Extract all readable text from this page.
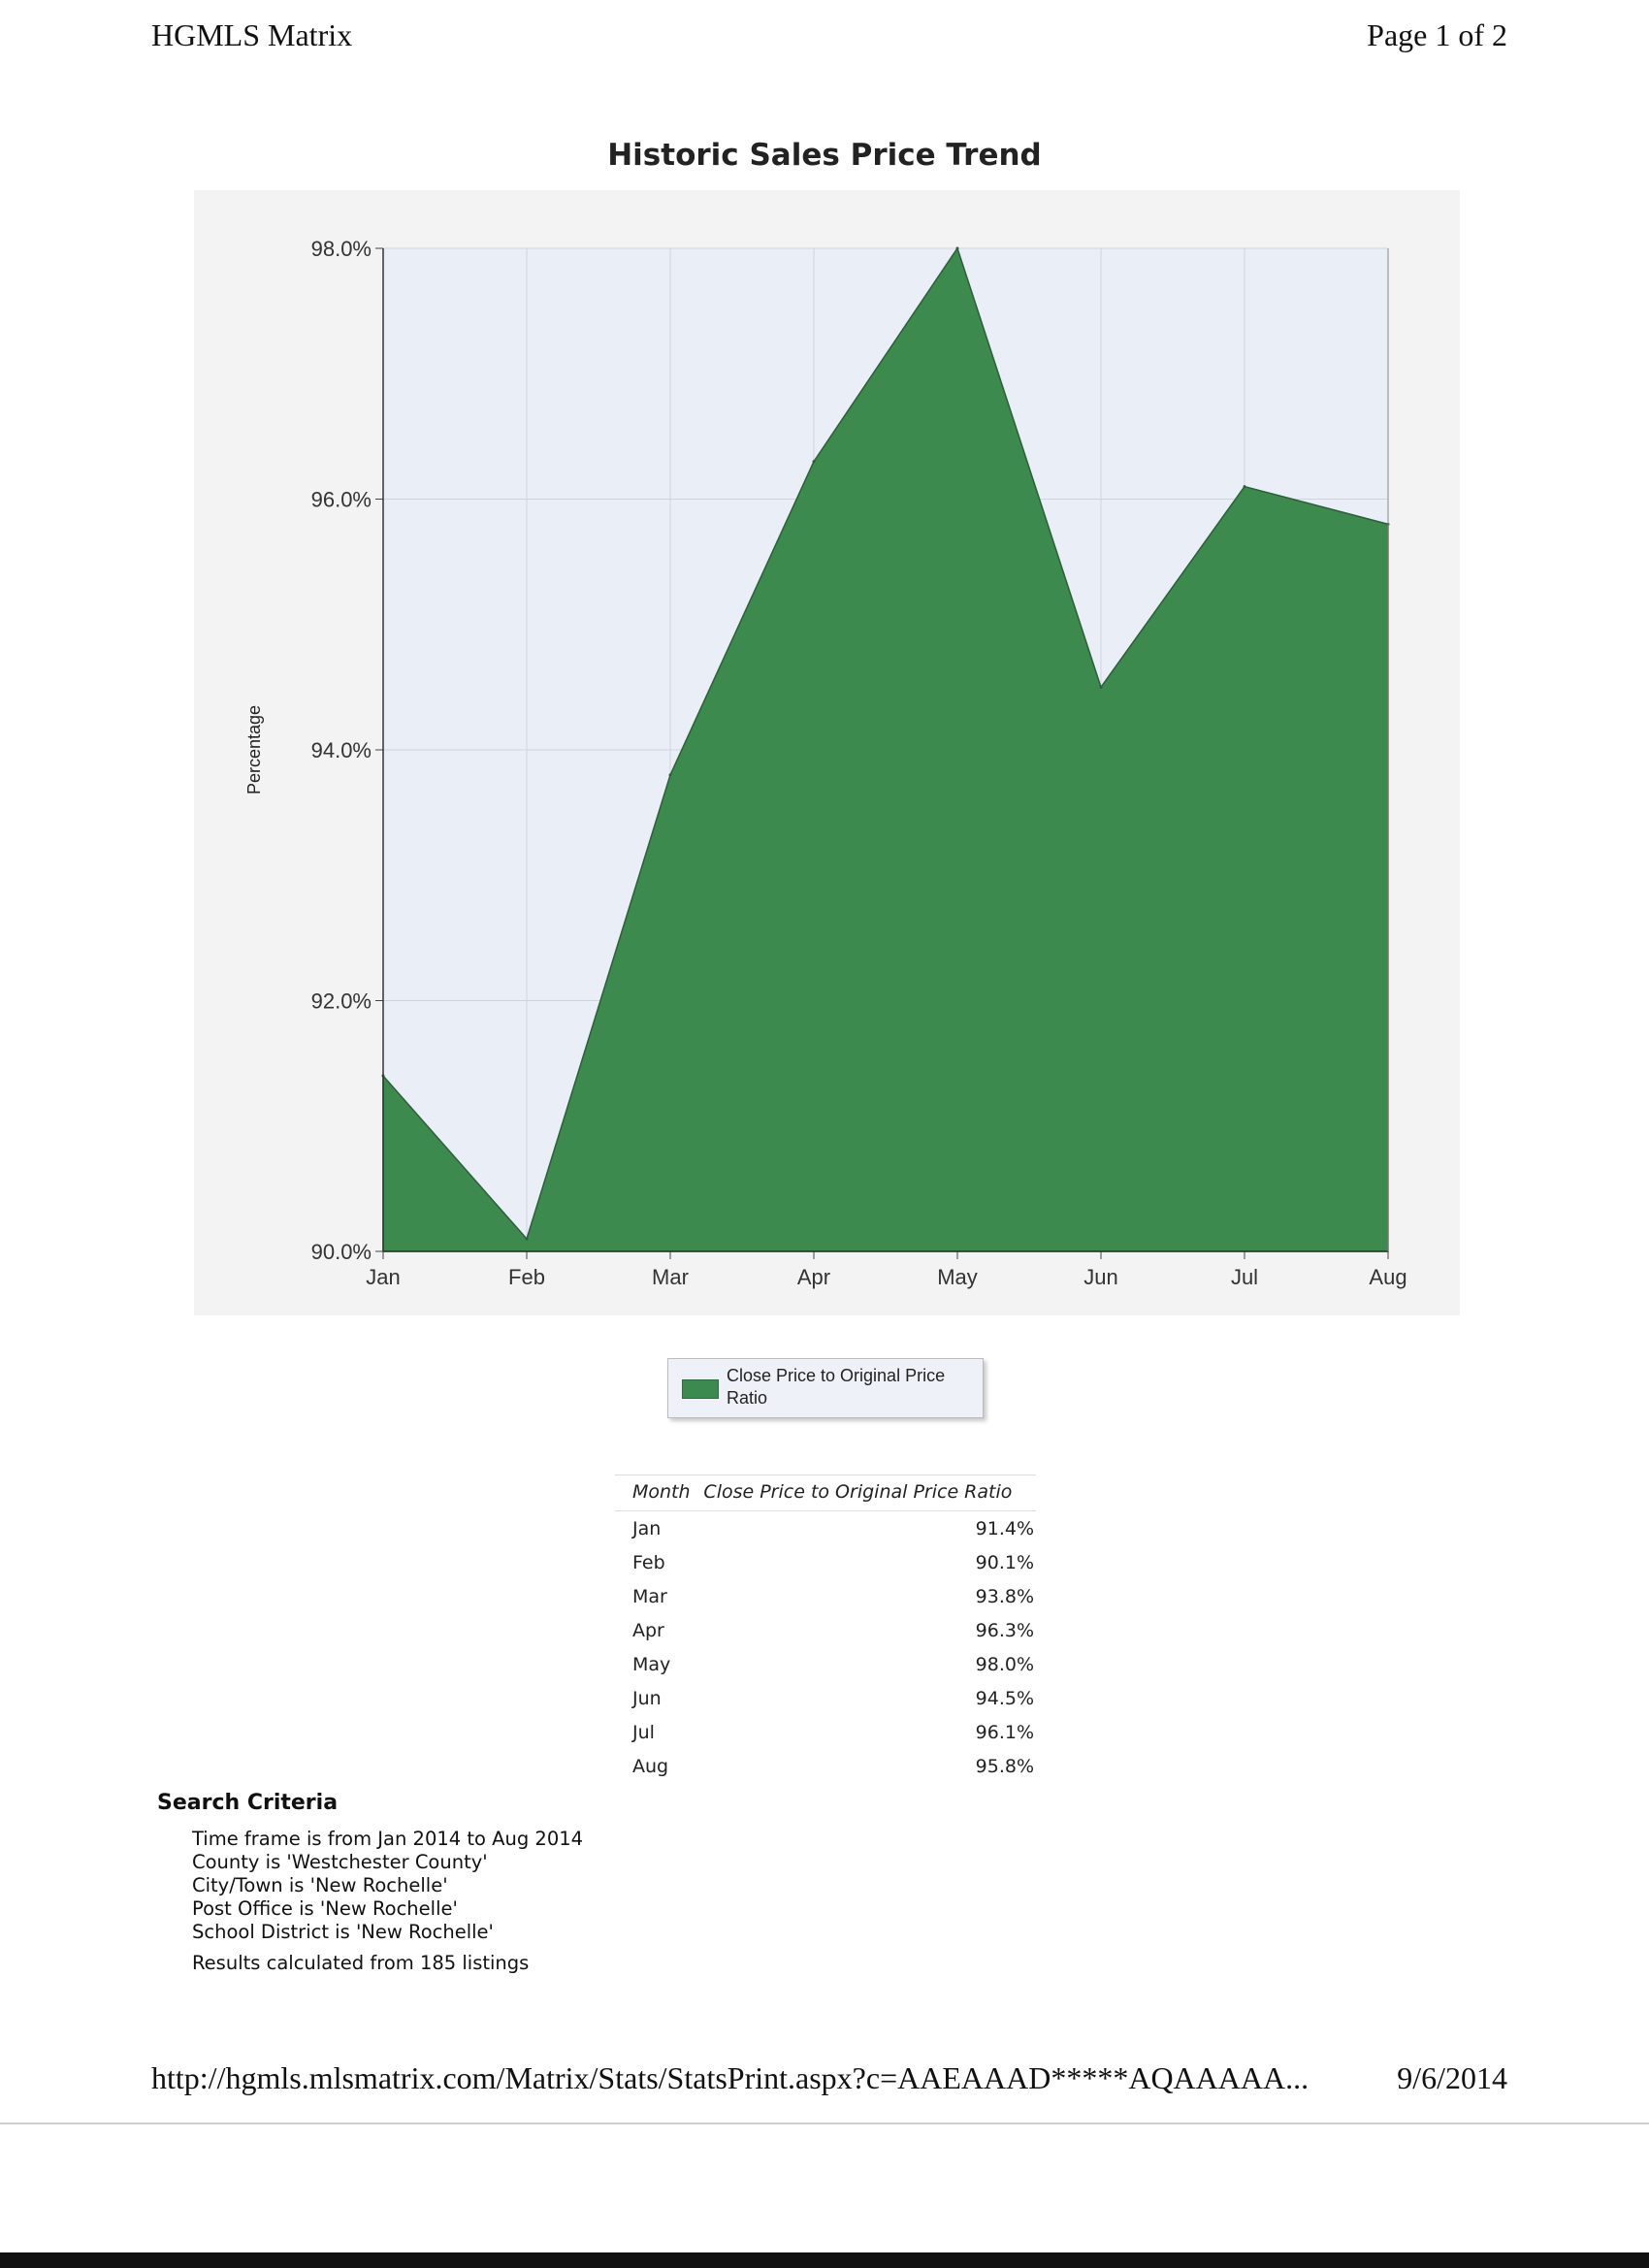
HGMLS Matrix	Page 1 of 2
Historic Sales Price Trend
90.0%
92.0%
94.0%
96.0%
98.0%
Jan	Feb	Mar	Apr	May	Jun	Jul	Aug
Percentage
Close Price to Original Price Ratio
Month	Close Price to Original Price Ratio
Jan	91.4%
Feb	90.1%
Mar	93.8%
Apr	96.3%
May	98.0%
Jun	94.5%
Jul	96.1%
Aug	95.8%
Search Criteria
Time frame is from Jan 2014 to Aug 2014
County is 'Westchester County'
City/Town is 'New Rochelle'
Post Office is 'New Rochelle'
School District is 'New Rochelle'
Results calculated from 185 listings
http://hgmls.mlsmatrix.com/Matrix/Stats/StatsPrint.aspx?c=AAEAAAD*****AQAAAAA...	9/6/2014
